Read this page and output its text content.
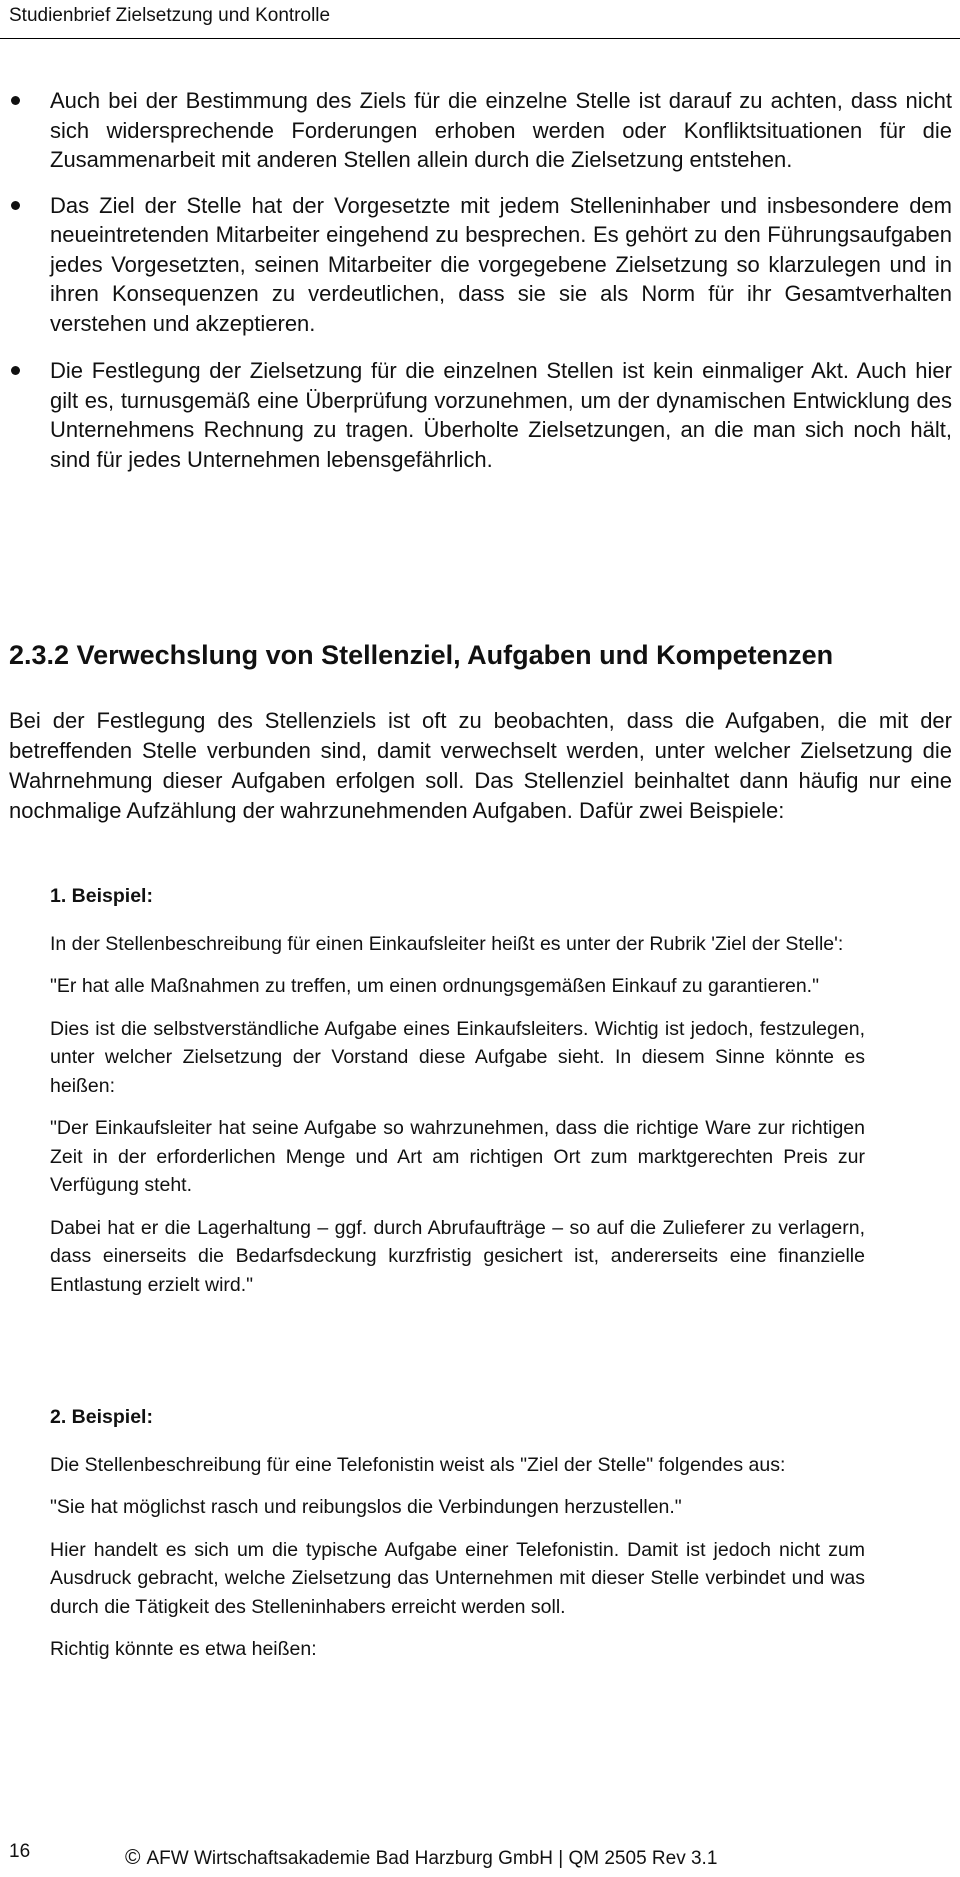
Studienbrief Zielsetzung und Kontrolle
Auch bei der Bestimmung des Ziels für die einzelne Stelle ist darauf zu achten, dass nicht sich widersprechende Forderungen erhoben werden oder Konfliktsituationen für die Zusammenarbeit mit anderen Stellen allein durch die Zielsetzung entstehen.
Das Ziel der Stelle hat der Vorgesetzte mit jedem Stelleninhaber und insbesondere dem neueintretenden Mitarbeiter eingehend zu besprechen. Es gehört zu den Führungsaufgaben jedes Vorgesetzten, seinen Mitarbeiter die vorgegebene Zielsetzung so klarzulegen und in ihren Konsequenzen zu verdeutlichen, dass sie sie als Norm für ihr Gesamtverhalten verstehen und akzeptieren.
Die Festlegung der Zielsetzung für die einzelnen Stellen ist kein einmaliger Akt. Auch hier gilt es, turnusgemäß eine Überprüfung vorzunehmen, um der dynamischen Entwicklung des Unternehmens Rechnung zu tragen. Überholte Zielsetzungen, an die man sich noch hält, sind für jedes Unternehmen lebensgefährlich.
2.3.2 Verwechslung von Stellenziel, Aufgaben und Kompetenzen

Bei der Festlegung des Stellenziels ist oft zu beobachten, dass die Aufgaben, die mit der betreffenden Stelle verbunden sind, damit verwechselt werden, unter welcher Zielsetzung die Wahrnehmung dieser Aufgaben erfolgen soll. Das Stellenziel beinhaltet dann häufig nur eine nochmalige Aufzählung der wahrzunehmenden Aufgaben. Dafür zwei Beispiele:

1. Beispiel:

In der Stellenbeschreibung für einen Einkaufsleiter heißt es unter der Rubrik 'Ziel der Stelle':

"Er hat alle Maßnahmen zu treffen, um einen ordnungsgemäßen Einkauf zu garantieren."

Dies ist die selbstverständliche Aufgabe eines Einkaufsleiters. Wichtig ist jedoch, festzulegen, unter welcher Zielsetzung der Vorstand diese Aufgabe sieht. In diesem Sinne könnte es heißen:

"Der Einkaufsleiter hat seine Aufgabe so wahrzunehmen, dass die richtige Ware zur richtigen Zeit in der erforderlichen Menge und Art am richtigen Ort zum marktgerechten Preis zur Verfügung steht.

Dabei hat er die Lagerhaltung – ggf. durch Abrufaufträge – so auf die Zulieferer zu verlagern, dass einerseits die Bedarfsdeckung kurzfristig gesichert ist, andererseits eine finanzielle Entlastung erzielt wird."

2. Beispiel:

Die Stellenbeschreibung für eine Telefonistin weist als "Ziel der Stelle" folgendes aus:

"Sie hat möglichst rasch und reibungslos die Verbindungen herzustellen."

Hier handelt es sich um die typische Aufgabe einer Telefonistin. Damit ist jedoch nicht zum Ausdruck gebracht, welche Zielsetzung das Unternehmen mit dieser Stelle verbindet und was durch die Tätigkeit des Stelleninhabers erreicht werden soll.

Richtig könnte es etwa heißen:

16	© AFW Wirtschaftsakademie Bad Harzburg GmbH | QM 2505 Rev 3.1
